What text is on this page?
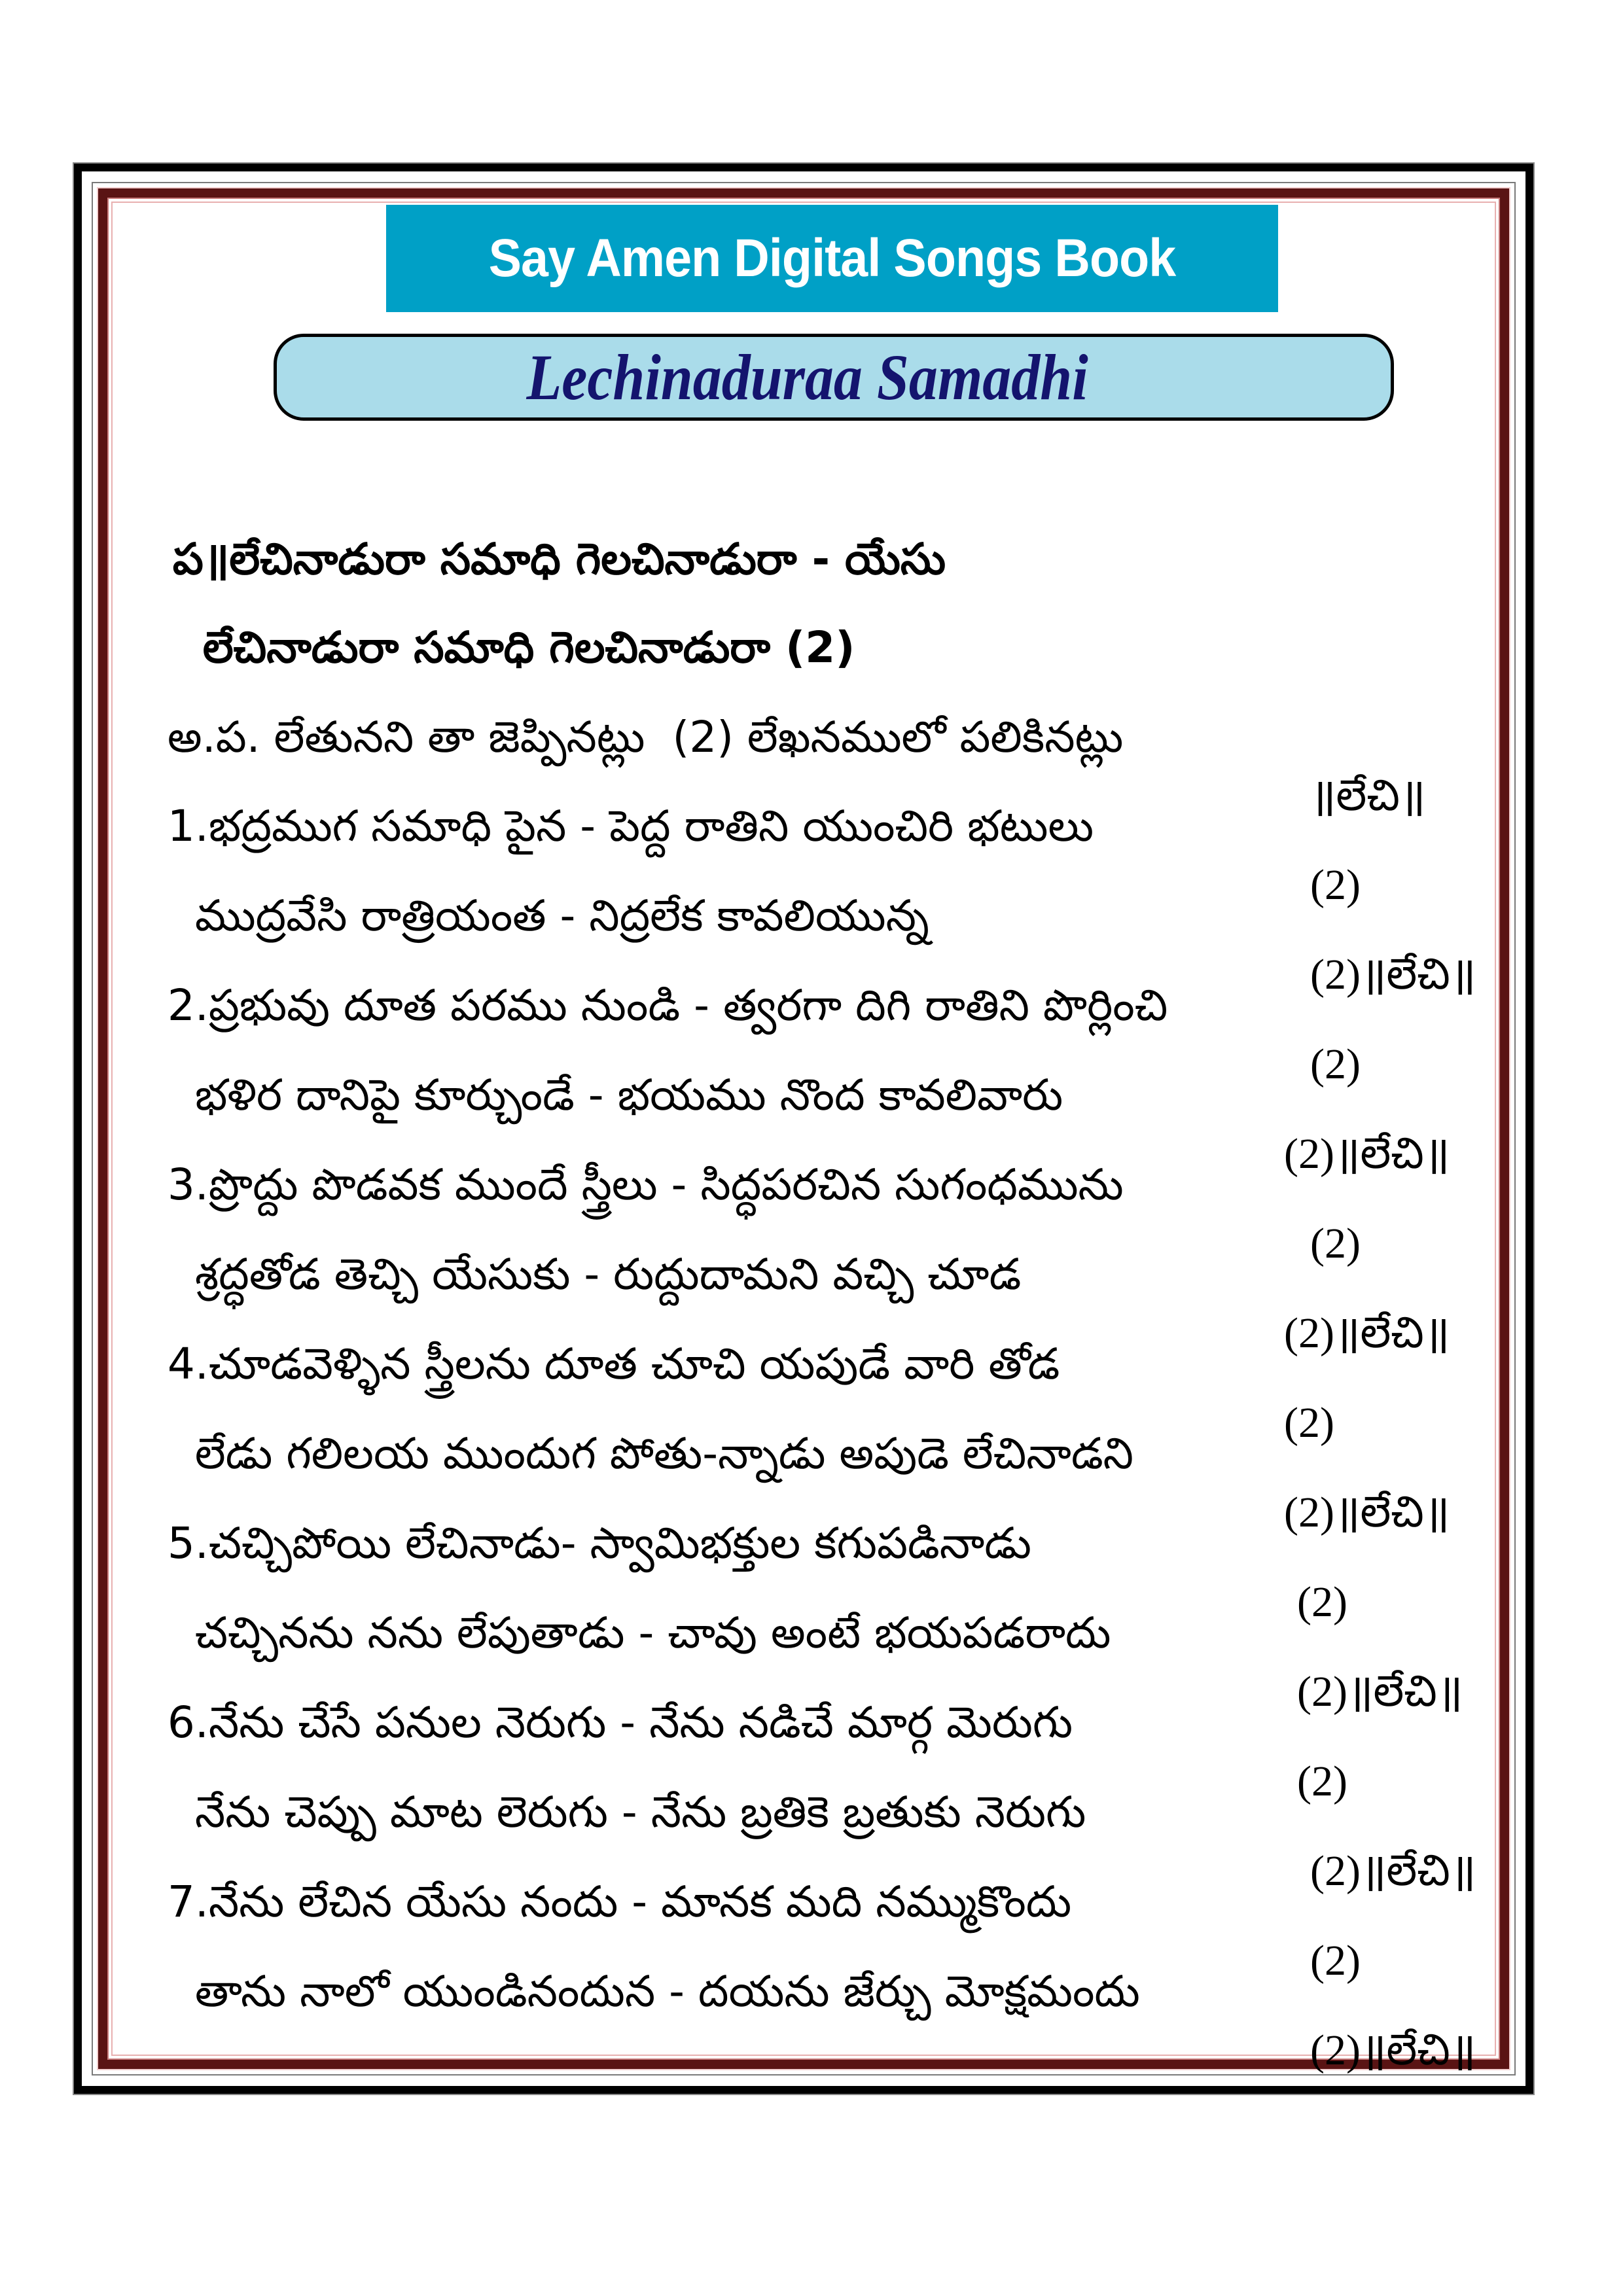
Say Amen Digital Songs Book
Lechinaduraa Samadhi

ప॥లేచినాడురా సమాధి గెలచినాడురా - యేసు

లేచినాడురా సమాధి గెలచినాడురా (2)

అ.ప. లేతునని తా జెప్పినట్లు  (2) లేఖనములో పలికినట్లు

॥లేచి॥

1.భద్రముగ సమాధి పైన - పెద్ద రాతిని యుంచిరి భటులు

(2)

ముద్రవేసి రాత్రియంత - నిద్రలేక కావలియున్న

(2)॥లేచి॥

2.ప్రభువు దూత పరము నుండి - త్వరగా దిగి రాతిని పొర్లించి

(2)

భళిర దానిపై కూర్చుండే - భయము నొంద కావలివారు

(2)॥లేచి॥

3.ప్రొద్దు పొడవక ముందే స్త్రీలు - సిద్ధపరచిన సుగంధమును

(2)

శ్రద్ధతోడ తెచ్చి యేసుకు - రుద్దుదామని వచ్చి చూడ

(2)॥లేచి॥

4.చూడవెళ్ళిన స్త్రీలను దూత చూచి యపుడే వారి తోడ

(2)

లేడు గలిలయ ముందుగ పోతు-న్నాడు అపుడె లేచినాడని

(2)॥లేచి॥

5.చచ్చిపోయి లేచినాడు- స్వామిభక్తుల కగుపడినాడు

(2)

చచ్చినను నను లేపుతాడు - చావు అంటే భయపడరాదు

(2)॥లేచి॥

6.నేను చేసే పనుల నెరుగు - నేను నడిచే మార్గ మెరుగు

(2)

నేను చెప్పు మాట లెరుగు - నేను బ్రతికె బ్రతుకు నెరుగు

(2)॥లేచి॥

7.నేను లేచిన యేసు నందు - మానక మది నమ్ముకొందు

(2)

తాను నాలో యుండినందున - దయను జేర్చు మోక్షమందు

(2)॥లేచి॥
